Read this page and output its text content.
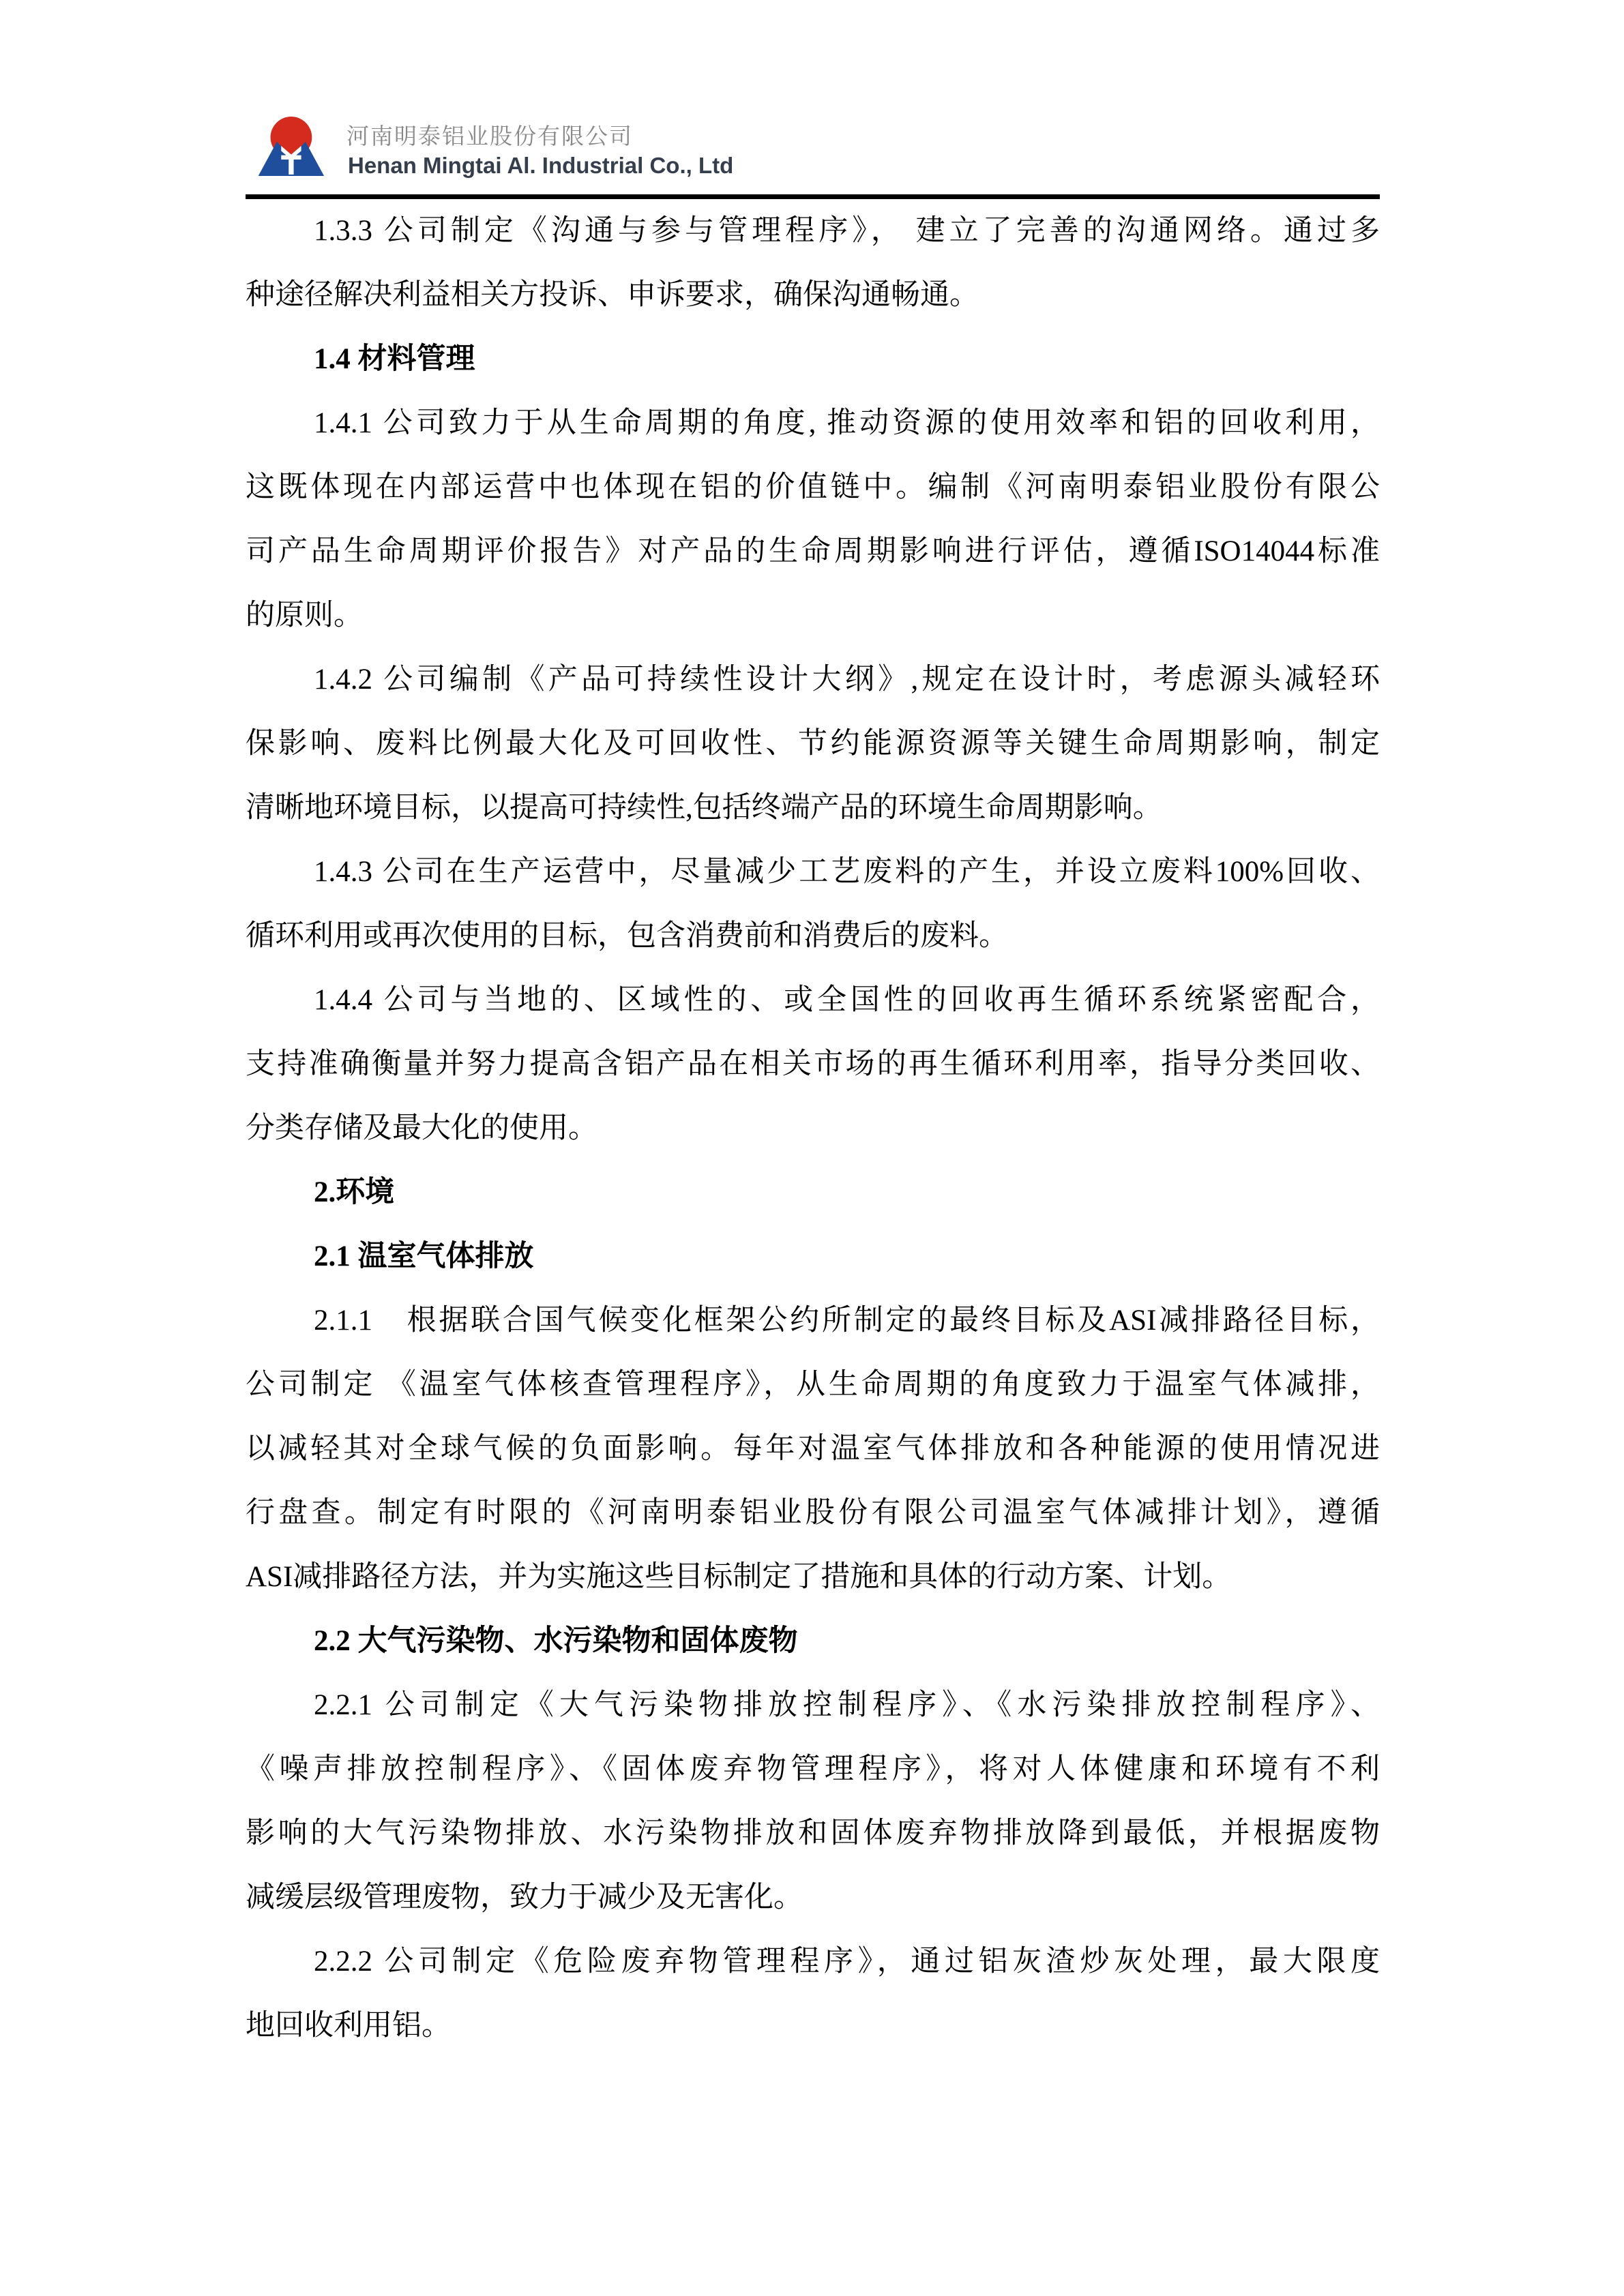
河南明泰铝业股份有限公司
Henan Mingtai Al. Industrial Co., Ltd
1.3.3 公司制定《沟通与参与管理程序》， 建立了完善的沟通网络。通过多
种途径解决利益相关方投诉、申诉要求，确保沟通畅通。
1.4 材料管理
1.4.1 公司致力于从生命周期的角度, 推动资源的使用效率和铝的回收利用，
这既体现在内部运营中也体现在铝的价值链中。编制《河南明泰铝业股份有限公
司产品生命周期评价报告》对产品的生命周期影响进行评估，遵循ISO14044标准
的原则。
1.4.2 公司编制《产品可持续性设计大纲》,规定在设计时，考虑源头减轻环
保影响、废料比例最大化及可回收性、节约能源资源等关键生命周期影响，制定
清晰地环境目标，以提高可持续性,包括终端产品的环境生命周期影响。
1.4.3 公司在生产运营中，尽量减少工艺废料的产生，并设立废料100%回收、
循环利用或再次使用的目标，包含消费前和消费后的废料。
1.4.4 公司与当地的、区域性的、或全国性的回收再生循环系统紧密配合，
支持准确衡量并努力提高含铝产品在相关市场的再生循环利用率，指导分类回收、
分类存储及最大化的使用。
2.环境
2.1 温室气体排放
2.1.1　根据联合国气候变化框架公约所制定的最终目标及ASI减排路径目标，
公司制定 《温室气体核查管理程序》，从生命周期的角度致力于温室气体减排，
以减轻其对全球气候的负面影响。每年对温室气体排放和各种能源的使用情况进
行盘查。制定有时限的《河南明泰铝业股份有限公司温室气体减排计划》，遵循
ASI减排路径方法，并为实施这些目标制定了措施和具体的行动方案、计划。
2.2 大气污染物、水污染物和固体废物
2.2.1 公司制定《大气污染物排放控制程序》、《水污染排放控制程序》、
《噪声排放控制程序》、《固体废弃物管理程序》，将对人体健康和环境有不利
影响的大气污染物排放、水污染物排放和固体废弃物排放降到最低，并根据废物
减缓层级管理废物，致力于减少及无害化。
2.2.2 公司制定《危险废弃物管理程序》，通过铝灰渣炒灰处理，最大限度
地回收利用铝。
